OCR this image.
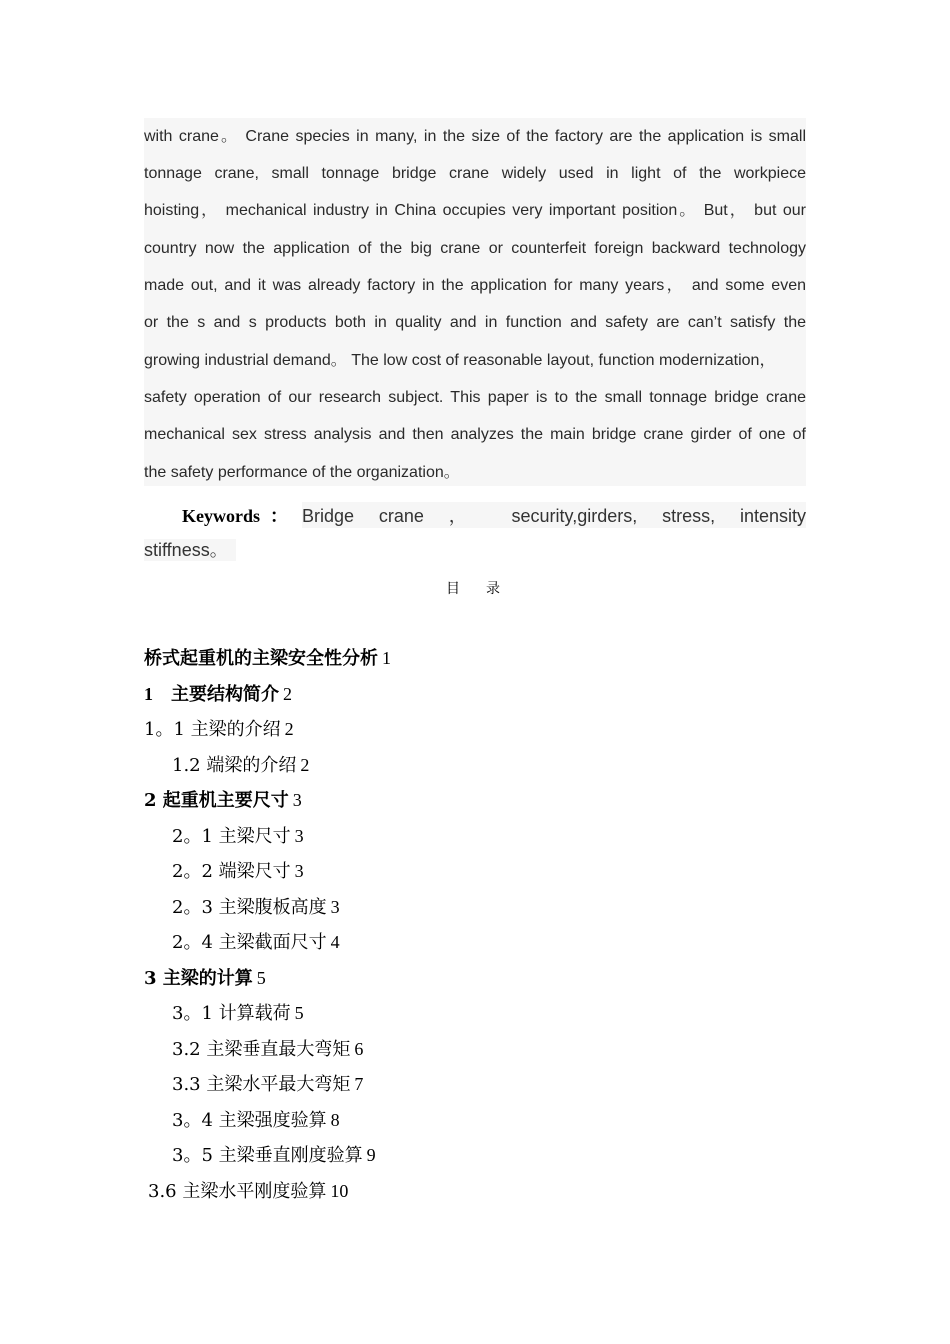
with crane。 Crane species in many, in the size of the factory are the application is small
tonnage crane, small tonnage bridge crane widely used in light of the workpiece
hoisting， mechanical industry in China occupies very important position。 But， but our
country now the application of the big crane or counterfeit foreign backward technology
made out, and it was already factory in the application for many years， and some even
or the s and s products both in quality and in function and safety are can’t satisfy the
growing industrial demand。 The low cost of reasonable layout, function modernization，
safety operation of our research subject. This paper is to the small tonnage bridge crane
mechanical sex stress analysis and then analyzes the main bridge crane girder of one of
the safety performance of the organization。
Keywords ： Bridge crane ， security,girders, stress, intensity
stiffness。
目 录
桥式起重机的主梁安全性分析 1
1 主要结构简介 2
1。1 主梁的介绍 2
1.2 端梁的介绍 2
2 起重机主要尺寸 3
2。1 主梁尺寸 3
2。2 端梁尺寸 3
2。3 主梁腹板高度 3
2。4 主梁截面尺寸 4
3 主梁的计算 5
3。1 计算载荷 5
3.2 主梁垂直最大弯矩 6
3.3 主梁水平最大弯矩 7
3。4 主梁强度验算 8
3。5 主梁垂直刚度验算 9
3.6 主梁水平刚度验算 10
